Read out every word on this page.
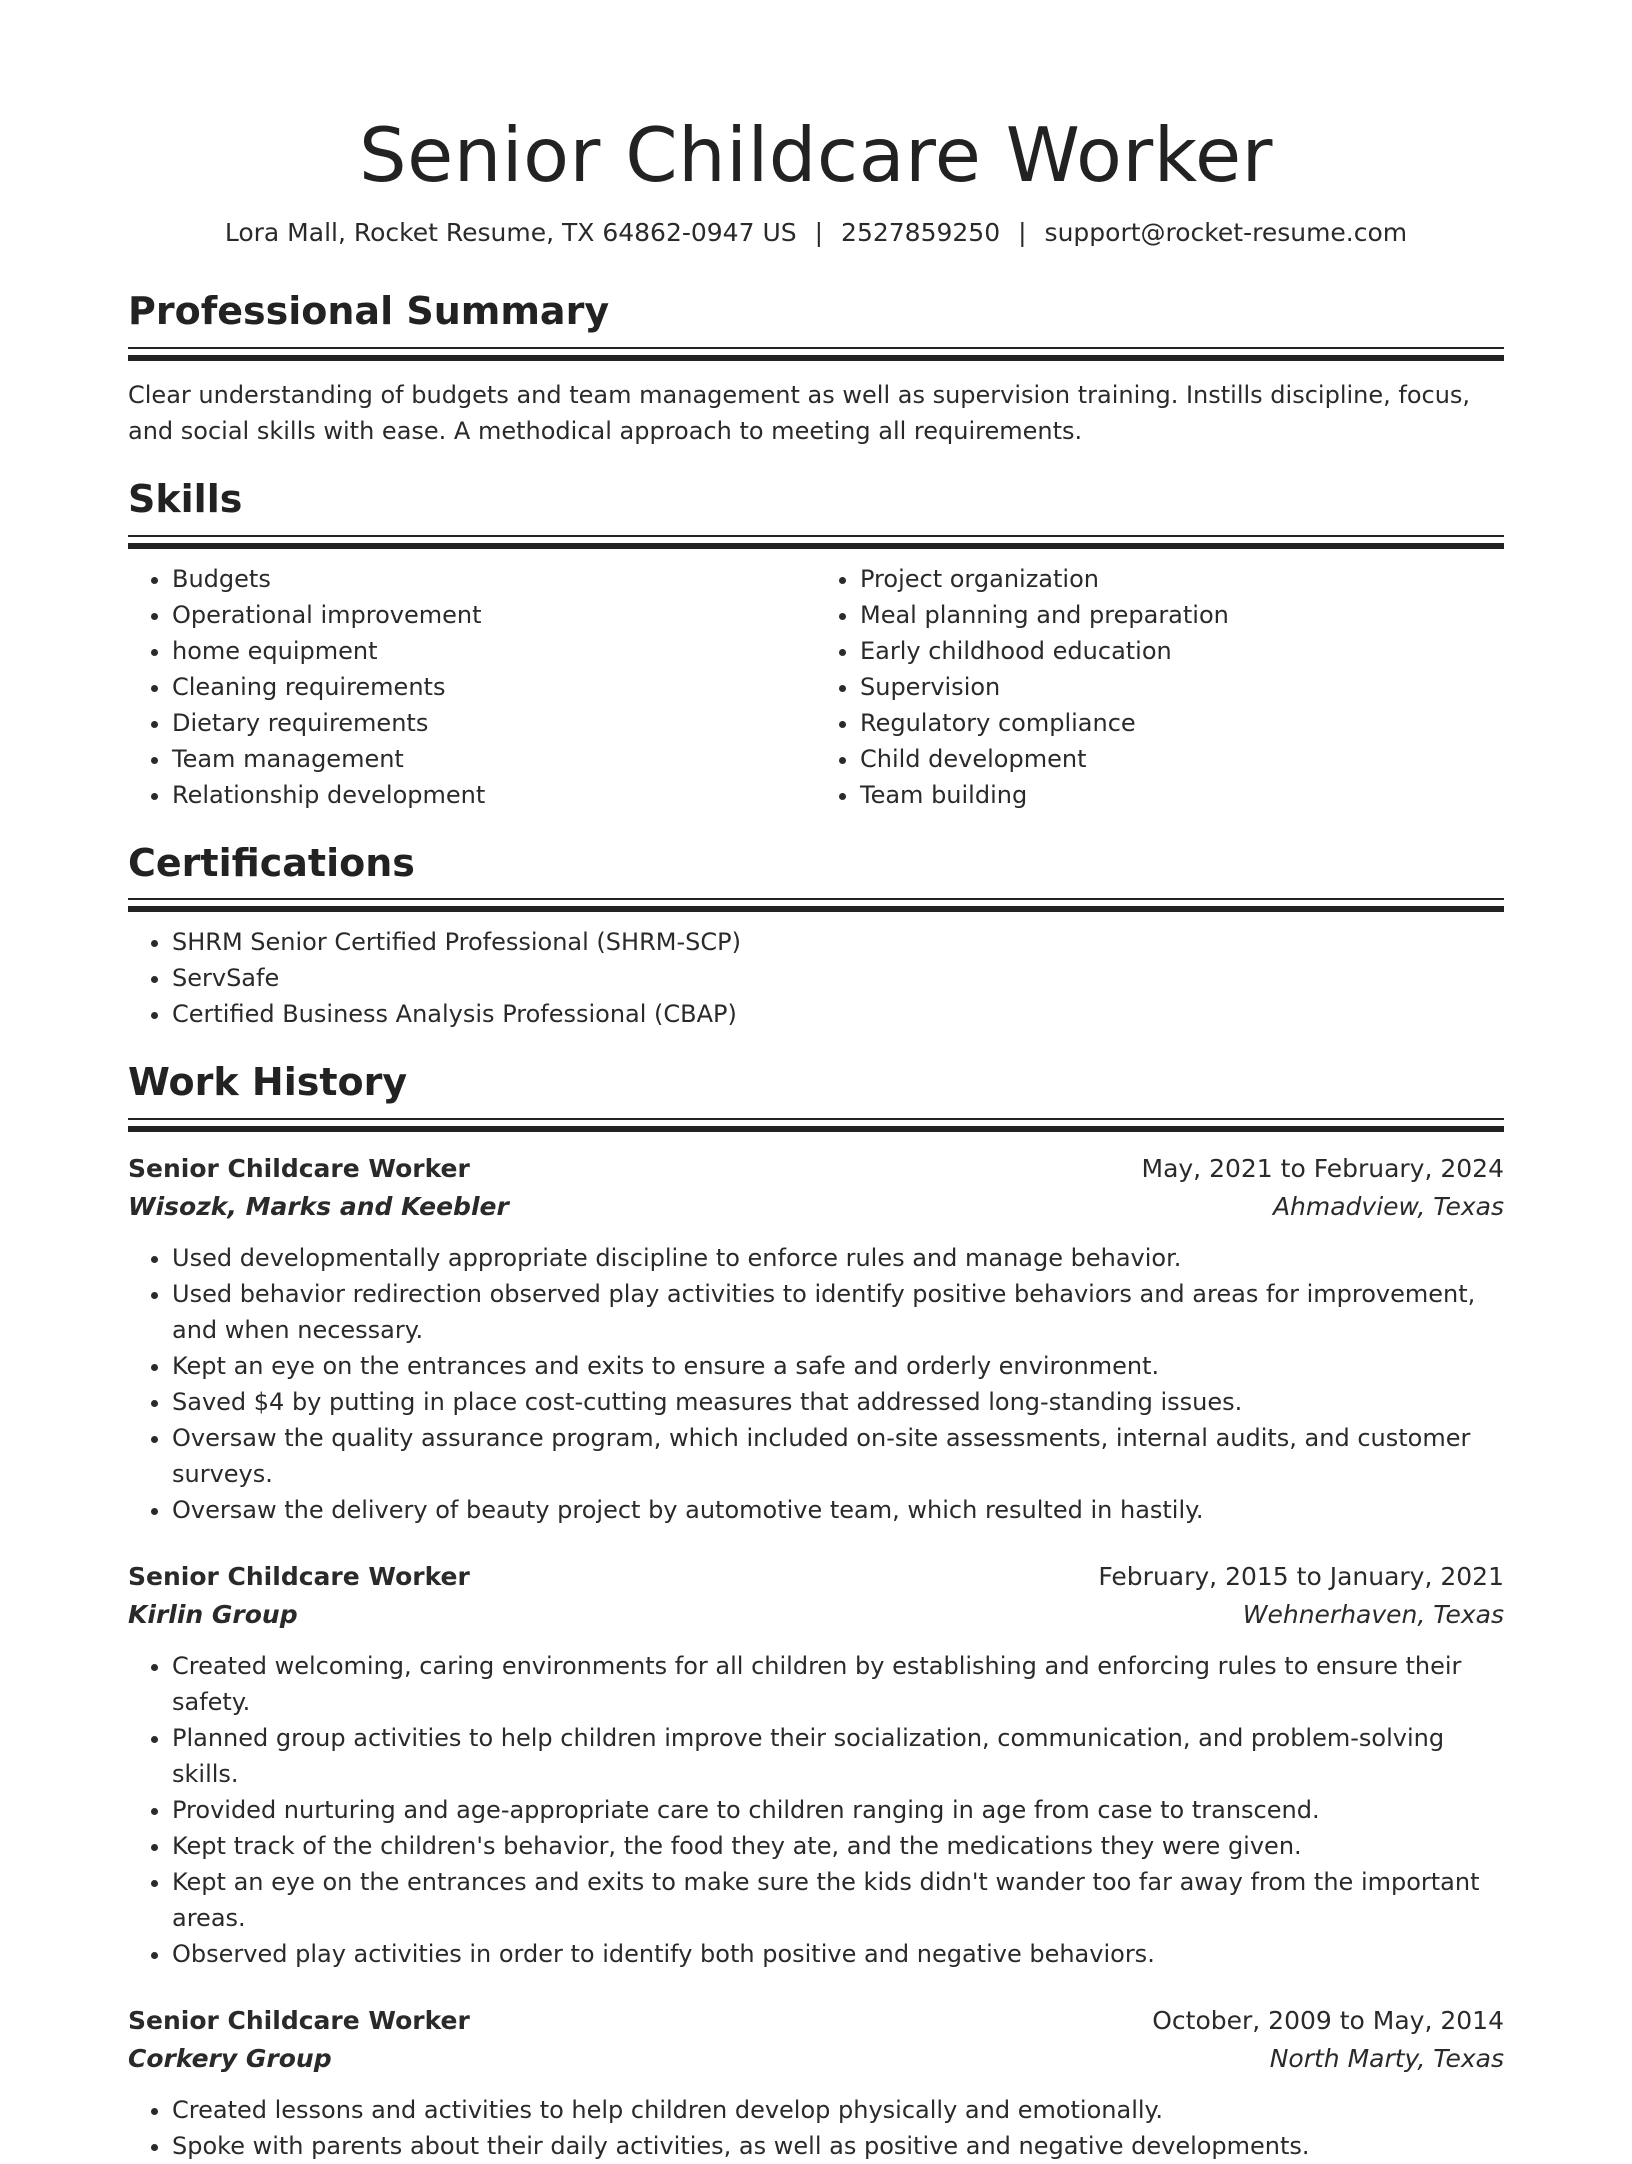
Senior Childcare Worker
Lora Mall, Rocket Resume, TX 64862-0947 US | 2527859250 | support@rocket-resume.com
Professional Summary
Clear understanding of budgets and team management as well as supervision training. Instills discipline, focus, and social skills with ease. A methodical approach to meeting all requirements.
Skills
• Budgets
• Operational improvement
• home equipment
• Cleaning requirements
• Dietary requirements
• Team management
• Relationship development
• Project organization
• Meal planning and preparation
• Early childhood education
• Supervision
• Regulatory compliance
• Child development
• Team building
Certifications
• SHRM Senior Certified Professional (SHRM-SCP)
• ServSafe
• Certified Business Analysis Professional (CBAP)
Work History
Senior Childcare Worker	May, 2021 to February, 2024
Wisozk, Marks and Keebler	Ahmadview, Texas
• Used developmentally appropriate discipline to enforce rules and manage behavior.
• Used behavior redirection observed play activities to identify positive behaviors and areas for improvement, and when necessary.
• Kept an eye on the entrances and exits to ensure a safe and orderly environment.
• Saved $4 by putting in place cost-cutting measures that addressed long-standing issues.
• Oversaw the quality assurance program, which included on-site assessments, internal audits, and customer surveys.
• Oversaw the delivery of beauty project by automotive team, which resulted in hastily.
Senior Childcare Worker	February, 2015 to January, 2021
Kirlin Group	Wehnerhaven, Texas
• Created welcoming, caring environments for all children by establishing and enforcing rules to ensure their safety.
• Planned group activities to help children improve their socialization, communication, and problem-solving skills.
• Provided nurturing and age-appropriate care to children ranging in age from case to transcend.
• Kept track of the children's behavior, the food they ate, and the medications they were given.
• Kept an eye on the entrances and exits to make sure the kids didn't wander too far away from the important areas.
• Observed play activities in order to identify both positive and negative behaviors.
Senior Childcare Worker	October, 2009 to May, 2014
Corkery Group	North Marty, Texas
• Created lessons and activities to help children develop physically and emotionally.
• Spoke with parents about their daily activities, as well as positive and negative developments.
